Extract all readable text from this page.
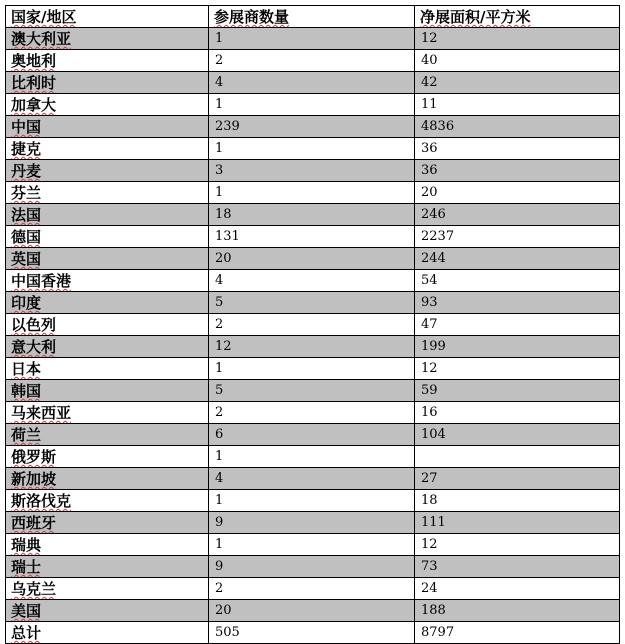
国家/地区	参展商数量	净展面积/平方米
澳大利亚	1	12
奥地利	2	40
比利时	4	42
加拿大	1	11
中国	239	4836
捷克	1	36
丹麦	3	36
芬兰	1	20
法国	18	246
德国	131	2237
英国	20	244
中国香港	4	54
印度	5	93
以色列	2	47
意大利	12	199
日本	1	12
韩国	5	59
马来西亚	2	16
荷兰	6	104
俄罗斯	1	
新加坡	4	27
斯洛伐克	1	18
西班牙	9	111
瑞典	1	12
瑞士	9	73
乌克兰	2	24
美国	20	188
总计	505	8797
